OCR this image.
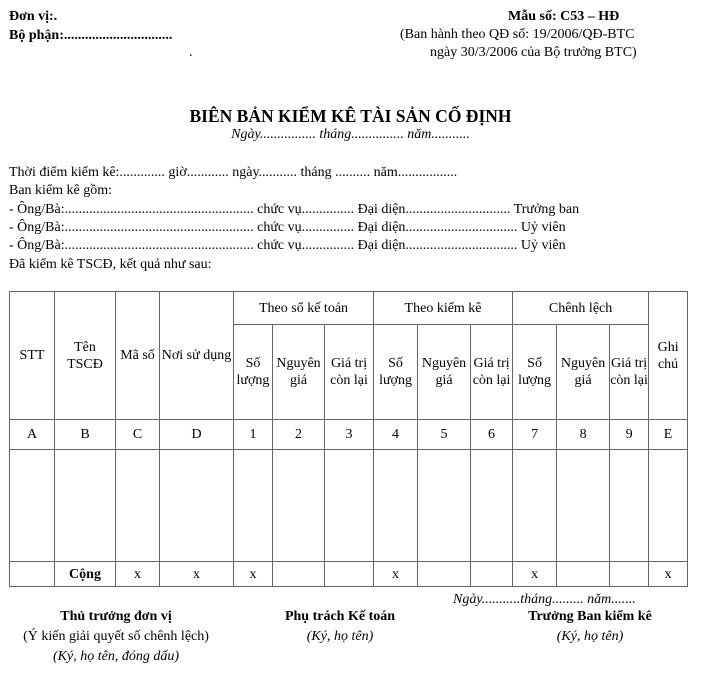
Đơn vị:.
Bộ phận:...............................
.
Mẫu số: C53 – HĐ
(Ban hành theo QĐ số: 19/2006/QĐ-BTC
ngày 30/3/2006 của Bộ trưởng BTC)
BIÊN BẢN KIỂM KÊ TÀI SẢN CỐ ĐỊNH
Ngày................ tháng............... năm...........
Thời điểm kiểm kê:............. giờ............ ngày........... tháng .......... năm.................
Ban kiểm kê gồm:
- Ông/Bà:...................................................... chức vụ............... Đại diện.............................. Trưởng ban
- Ông/Bà:...................................................... chức vụ............... Đại diện................................ Uỷ viên
- Ông/Bà:...................................................... chức vụ............... Đại diện................................ Uỷ viên
Đã kiểm kê TSCĐ, kết quả như sau:
STT	Tên TSCĐ	Mã số	Nơi sử dụng	Theo sổ kế toán			Theo kiểm kê			Chênh lệch			Ghi chú
				Số lượng	Nguyên giá	Giá trị còn lại	Số lượng	Nguyên giá	Giá trị còn lại	Số lượng	Nguyên giá	Giá trị còn lại	
A	B	C	D	1	2	3	4	5	6	7	8	9	E

	Cộng	x	x	x			x			x			x
Ngày...........tháng......... năm.......
Thủ trưởng đơn vị
(Ý kiến giải quyết số chênh lệch)
(Ký, họ tên, đóng dấu)
Phụ trách Kế toán
(Ký, họ tên)
Trưởng Ban kiểm kê
(Ký, họ tên)
